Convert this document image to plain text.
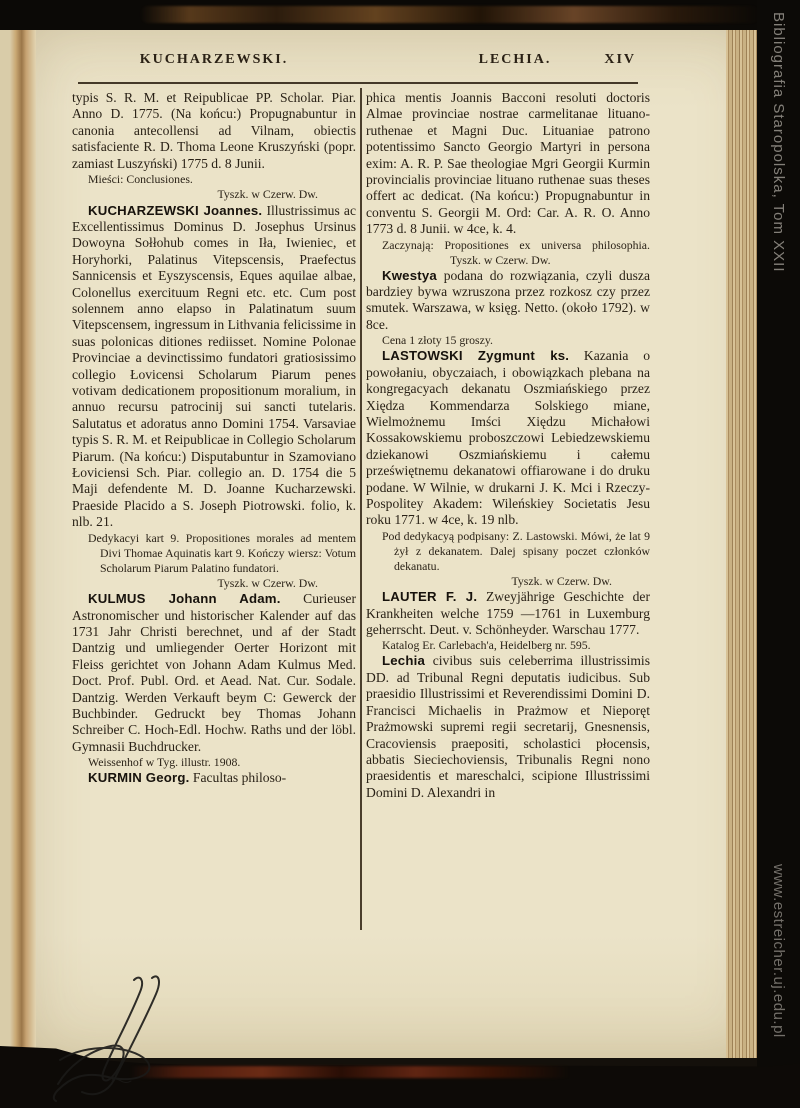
Bibliografia Staropolska, Tom XXII
www.estreicher.uj.edu.pl
KUCHARZEWSKI.	LECHIA.	XIV

typis S. R. M. et Reipublicae PP. Scholar. Piar. Anno D. 1775. (Na końcu:) Propugnabuntur in canonia antecollensi ad Vilnam, obiectis satisfaciente R. D. Thoma Leone Kruszyński (popr. zamiast Luszyński) 1775 d. 8 Junii.

Mieści: Conclusiones.

Tyszk. w Czerw. Dw.

KUCHARZEWSKI Joannes. Illustrissimus ac Excellentissimus Dominus D. Josephus Ursinus Dowoyna Sołłohub comes in Iła, Iwieniec, et Horyhorki, Palatinus Vitepscensis, Praefectus Sannicensis et Eyszyscensis, Eques aquilae albae, Colonellus exercituum Regni etc. etc. Cum post solennem anno elapso in Palatinatum suum Vitepscensem, ingressum in Lithvania felicissime in suas polonicas ditiones rediisset. Nomine Polonae Provinciae a devinctissimo fundatori gratiosissimo collegio Łovicensi Scholarum Piarum penes votivam dedicationem propositionum moralium, in annuo recursu patrocinij sui sancti tutelaris. Salutatus et adoratus anno Domini 1754. Varsaviae typis S. R. M. et Reipublicae in Collegio Scholarum Piarum. (Na końcu:) Disputabuntur in Szamoviano Łoviciensi Sch. Piar. collegio an. D. 1754 die 5 Maji defendente M. D. Joanne Kucharzewski. Praeside Placido a S. Joseph Piotrowski. folio, k. nlb. 21.

Dedykacyi kart 9. Propositiones morales ad mentem Divi Thomae Aquinatis kart 9. Kończy wiersz: Votum Scholarum Piarum Palatino fundatori.

Tyszk. w Czerw. Dw.

KULMUS Johann Adam. Curieuser Astronomischer und historischer Kalender auf das 1731 Jahr Christi berechnet, und af der Stadt Dantzig und umliegender Oerter Horizont mit Fleiss gerichtet von Johann Adam Kulmus Med. Doct. Prof. Publ. Ord. et Aead. Nat. Cur. Sodale. Dantzig. Werden Verkauft beym C: Gewerck der Buchbinder. Gedruckt bey Thomas Johann Schreiber C. Hoch-Edl. Hochw. Raths und der löbl. Gymnasii Buchdrucker.

Weissenhof w Tyg. illustr. 1908.

KURMIN Georg. Facultas philoso-

phica mentis Joannis Bacconi resoluti doctoris Almae provinciae nostrae carmelitanae lituano-ruthenae et Magni Duc. Lituaniae patrono potentissimo Sancto Georgio Martyri in persona exim: A. R. P. Sae theologiae Mgri Georgii Kurmin provincialis provinciae lituano ruthenae suas theses offert ac dedicat. (Na końcu:) Propugnabuntur in conventu S. Georgii M. Ord: Car. A. R. O. Anno 1773 d. 8 Junii. w 4ce, k. 4.

Zaczynają: Propositiones ex universa philosophia. Tyszk. w Czerw. Dw.

Kwestya podana do rozwiązania, czyli dusza bardziey bywa wzruszona przez rozkosz czy przez smutek. Warszawa, w księg. Netto. (około 1792). w 8ce.

Cena 1 złoty 15 groszy.

LASTOWSKI Zygmunt ks. Kazania o powołaniu, obyczaiach, i obowiązkach plebana na kongregacyach dekanatu Oszmiańskiego przez Xiędza Kommendarza Solskiego miane, Wielmożnemu Imści Xiędzu Michałowi Kossakowskiemu proboszczowi Lebiedzewskiemu dziekanowi Oszmiańskiemu i całemu przeświętnemu dekanatowi offiarowane i do druku podane. W Wilnie, w drukarni J. K. Mci i Rzeczy-Pospolitey Akadem: Wileńskiey Societatis Jesu roku 1771. w 4ce, k. 19 nlb.

Pod dedykacyą podpisany: Z. Lastowski. Mówi, że lat 9 żył z dekanatem. Dalej spisany poczet członków dekanatu.

Tyszk. w Czerw. Dw.

LAUTER F. J. Zweyjährige Geschichte der Krankheiten welche 1759 —1761 in Luxemburg geherrscht. Deut. v. Schönheyder. Warschau 1777.

Katalog Er. Carlebach'a, Heidelberg nr. 595.

Lechia civibus suis celeberrima illustrissimis DD. ad Tribunal Regni deputatis iudicibus. Sub praesidio Illustrissimi et Reverendissimi Domini D. Francisci Michaelis in Prażmow et Nieporęt Prażmowski supremi regii secretarij, Gnesnensis, Cracoviensis praepositi, scholastici płocensis, abbatis Sieciechoviensis, Tribunalis Regni nono praesidentis et mareschalci, scipione Illustrissimi Domini D. Alexandri in
